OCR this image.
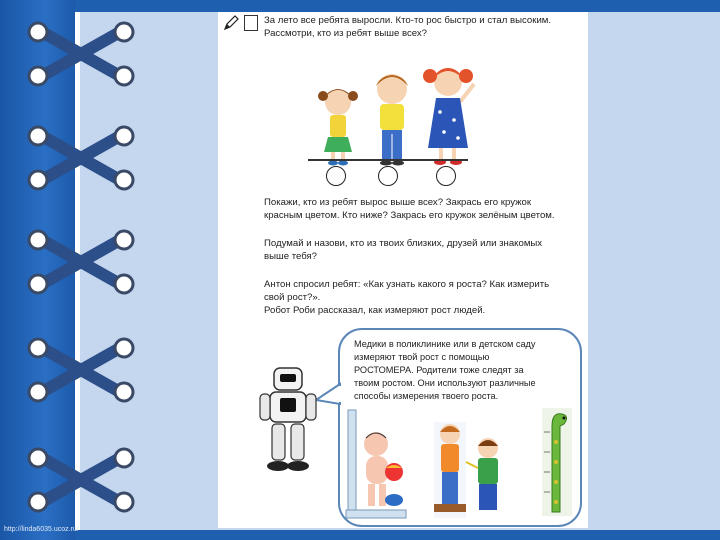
За лето все ребята выросли. Кто-то рос быстро и стал высоким.
Рассмотри, кто из ребят выше всех?
Покажи, кто из ребят вырос выше всех? Закрась его кружок
красным цветом. Кто ниже? Закрась его кружок зелёным цветом.
Подумай и назови, кто из твоих близких, друзей или знакомых
выше тебя?
Антон спросил ребят: «Как узнать какого я роста? Как измерить
свой рост?».
Робот Роби рассказал, как измеряют рост людей.
Медики в поликлинике или в детском саду
измеряют твой рост с помощью
РОСТОМЕРА. Родители тоже следят за
твоим ростом. Они используют различные
способы измерения твоего роста.
http://linda6035.ucoz.ru/
